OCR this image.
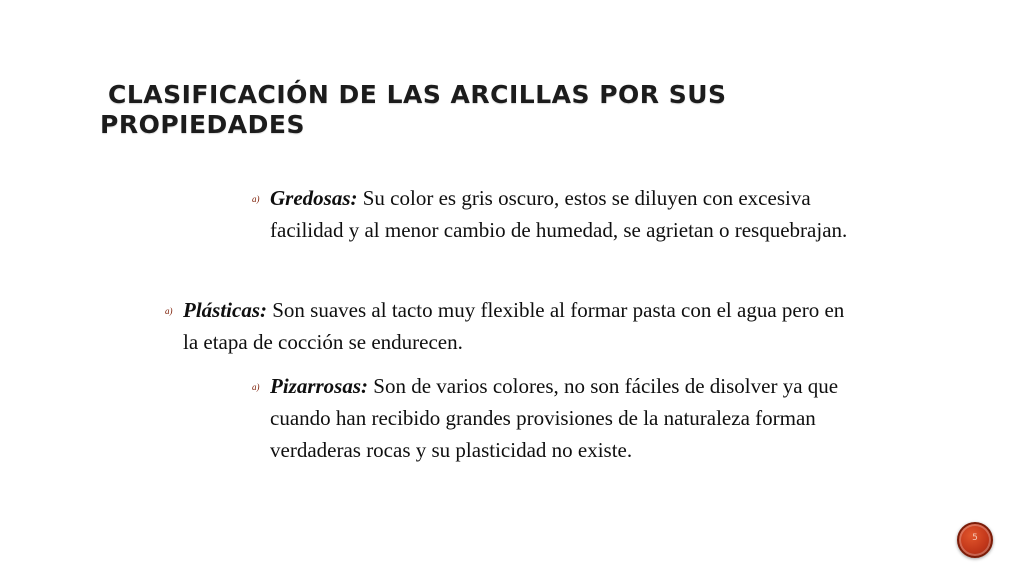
CLASIFICACIÓN DE LAS ARCILLAS POR SUS
PROPIEDADES

a) Gredosas: Su color es gris oscuro, estos se diluyen con excesiva facilidad y al menor cambio de humedad, se agrietan o resquebrajan.

a) Plásticas: Son suaves al tacto muy flexible al formar pasta con el agua pero en la etapa de cocción se endurecen.

a) Pizarrosas: Son de varios colores, no son fáciles de disolver ya que cuando han recibido grandes provisiones de la naturaleza forman verdaderas rocas y su plasticidad no existe.

5
